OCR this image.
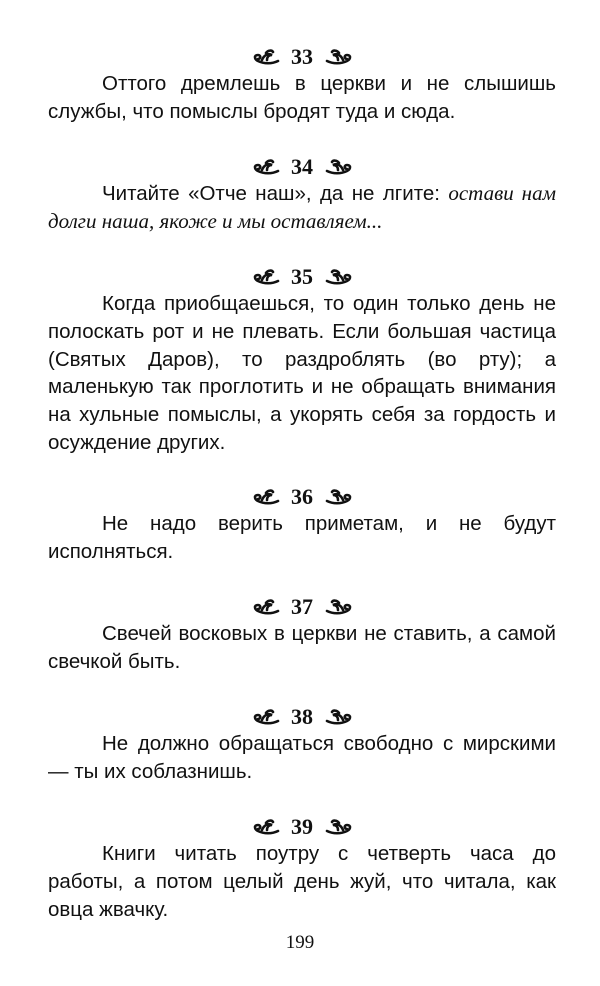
33

Оттого дремлешь в церкви и не слышишь службы, что помыслы бродят туда и сюда.

34

Читайте «Отче наш», да не лгите: остави нам долги наша, якоже и мы оставляем...

35

Когда приобщаешься, то один только день не полоскать рот и не плевать. Если большая частица (Святых Даров), то раздроблять (во рту); а маленькую так проглотить и не обращать внимания на хульные помыслы, а укорять себя за гордость и осуждение других.

36

Не надо верить приметам, и не будут исполняться.

37

Свечей восковых в церкви не ставить, а самой свечкой быть.

38

Не должно обращаться свободно с мирскими — ты их соблазнишь.

39

Книги читать поутру с четверть часа до работы, а потом целый день жуй, что читала, как овца жвачку.

199
